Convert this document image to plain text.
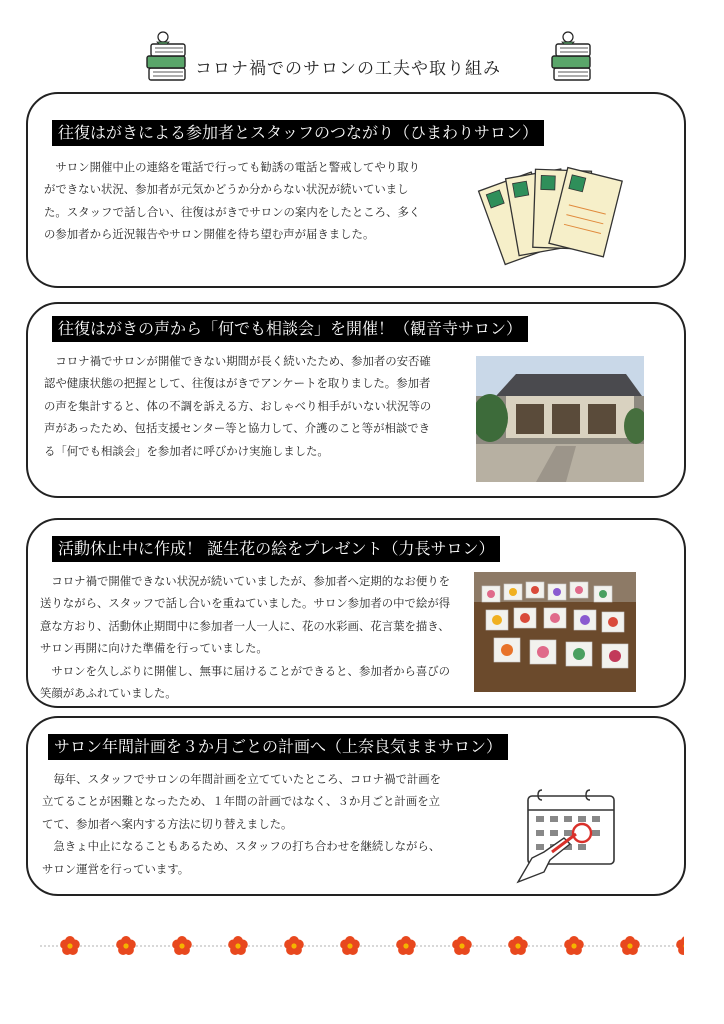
コロナ禍でのサロンの工夫や取り組み
往復はがきによる参加者とスタッフのつながり（ひまわりサロン）

サロン開催中止の連絡を電話で行っても勧誘の電話と警戒してやり取りができない状況、参加者が元気かどうか分からない状況が続いていました。スタッフで話し合い、往復はがきでサロンの案内をしたところ、多くの参加者から近況報告やサロン開催を待ち望む声が届きました。

往復はがきの声から「何でも相談会」を開催！（観音寺サロン）

コロナ禍でサロンが開催できない期間が長く続いたため、参加者の安否確認や健康状態の把握として、往復はがきでアンケートを取りました。参加者の声を集計すると、体の不調を訴える方、おしゃべり相手がいない状況等の声があったため、包括支援センター等と協力して、介護のこと等が相談できる「何でも相談会」を参加者に呼びかけ実施しました。

活動休止中に作成！ 誕生花の絵をプレゼント（力長サロン）

コロナ禍で開催できない状況が続いていましたが、参加者へ定期的なお便りを送りながら、スタッフで話し合いを重ねていました。サロン参加者の中で絵が得意な方おり、活動休止期間中に参加者一人一人に、花の水彩画、花言葉を描き、サロン再開に向けた準備を行っていました。

サロンを久しぶりに開催し、無事に届けることができると、参加者から喜びの笑顔があふれていました。

サロン年間計画を３か月ごとの計画へ（上奈良気ままサロン）

毎年、スタッフでサロンの年間計画を立てていたところ、コロナ禍で計画を立てることが困難となったため、１年間の計画ではなく、３か月ごと計画を立てて、参加者へ案内する方法に切り替えました。

急きょ中止になることもあるため、スタッフの打ち合わせを継続しながら、サロン運営を行っています。
